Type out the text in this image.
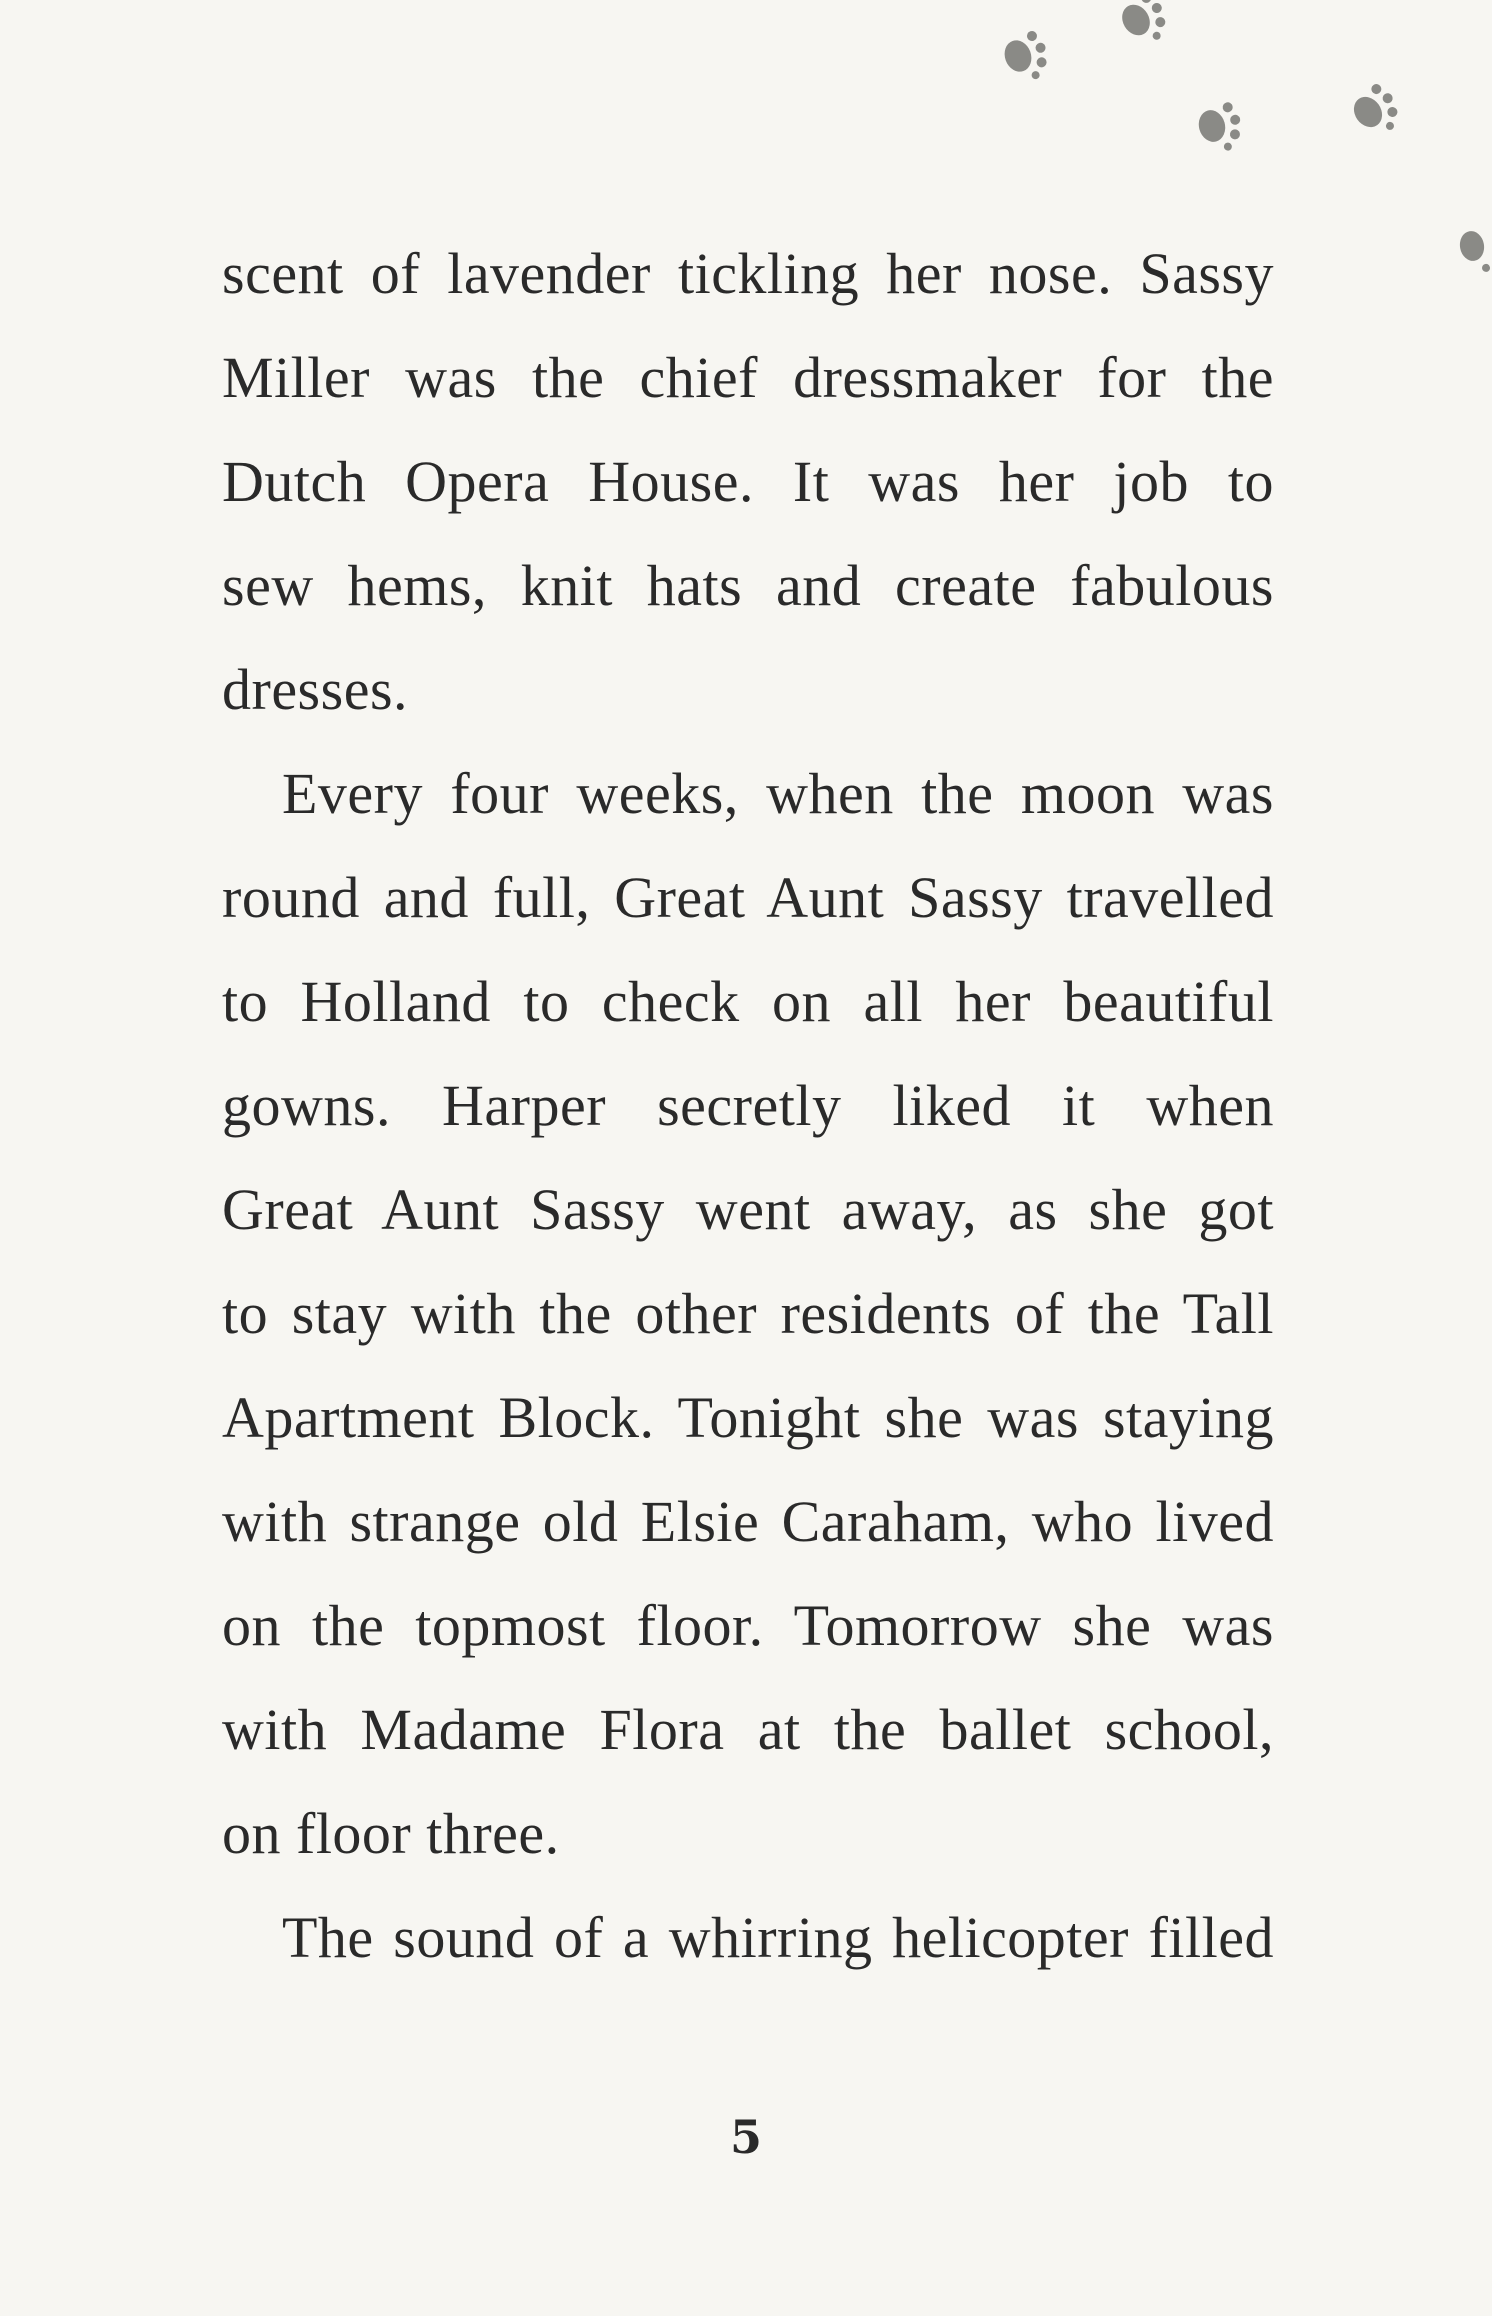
scent of lavender tickling her nose. Sassy
Miller was the chief dressmaker for the
Dutch Opera House. It was her job to
sew hems, knit hats and create fabulous
dresses.
Every four weeks, when the moon was
round and full, Great Aunt Sassy travelled
to Holland to check on all her beautiful
gowns. Harper secretly liked it when
Great Aunt Sassy went away, as she got
to stay with the other residents of the Tall
Apartment Block. Tonight she was staying
with strange old Elsie Caraham, who lived
on the topmost floor. Tomorrow she was
with Madame Flora at the ballet school,
on floor three.
The sound of a whirring helicopter filled
5
